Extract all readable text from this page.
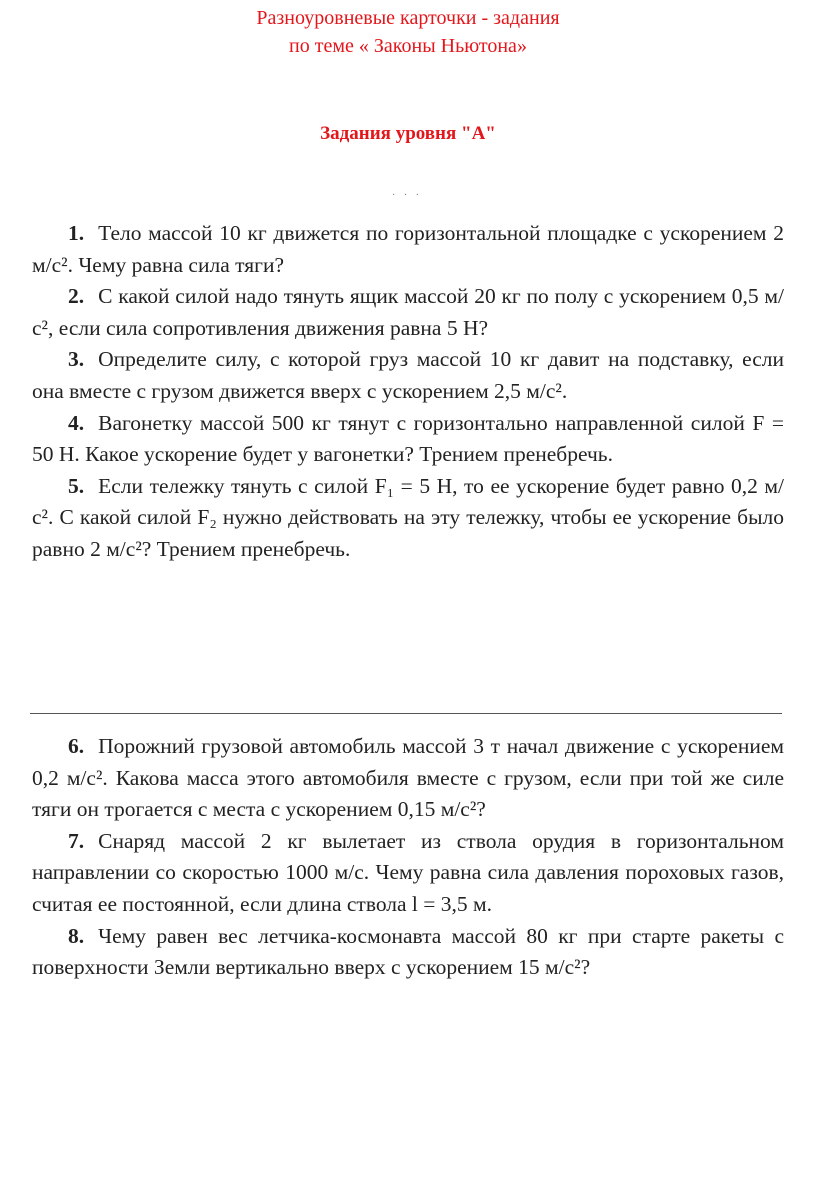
Разноуровневые карточки - задания
по теме « Законы Ньютона»
Задания уровня "А"
· · ·

1. Тело массой 10 кг движется по горизонтальной площадке с ускорением 2 м/с². Чему равна сила тяги?

2. С какой силой надо тянуть ящик массой 20 кг по полу с ускорением 0,5 м/с², если сила сопротивления движения равна 5 Н?

3. Определите силу, с которой груз массой 10 кг давит на подставку, если она вместе с грузом движется вверх с ускорением 2,5 м/с².

4. Вагонетку массой 500 кг тянут с горизонтально направленной силой F = 50 Н. Какое ускорение будет у вагонетки? Трением пренебречь.

5. Если тележку тянуть с силой F₁ = 5 Н, то ее ускорение будет равно 0,2 м/с². С какой силой F₂ нужно действовать на эту тележку, чтобы ее ускорение было равно 2 м/с²? Трением пренебречь.

6. Порожний грузовой автомобиль массой 3 т начал движение с ускорением 0,2 м/с². Какова масса этого автомобиля вместе с грузом, если при той же силе тяги он трогается с места с ускорением 0,15 м/с²?

7. Снаряд массой 2 кг вылетает из ствола орудия в горизонтальном направлении со скоростью 1000 м/с. Чему равна сила давления пороховых газов, считая ее постоянной, если длина ствола l = 3,5 м.

8. Чему равен вес летчика-космонавта массой 80 кг при старте ракеты с поверхности Земли вертикально вверх с ускорением 15 м/с²?
